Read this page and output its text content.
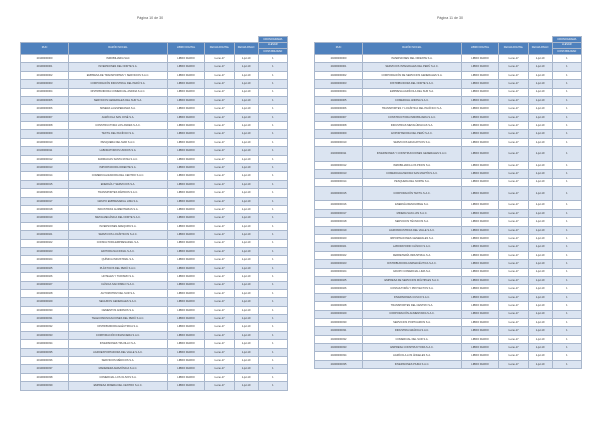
Página 10 de 30
					CRONOGRAMA
RUC	RAZÓN SOCIAL	LIBRO DIGITAL	FECHA DIGITAL	FECHA PAGO	LLEVAR
					CONTABILIDAD
20100000000	INMOBILIARIA SAC	LIBRO DIARIO	1-ene-17	1-jul-19	1
20100000001	INVERSIONES DEL NORTE S.A.	LIBRO DIARIO	1-ene-17	1-jul-19	1
20100000002	EMPRESA DE TRANSPORTES Y SERVICIOS S.A.C.	LIBRO DIARIO	1-ene-17	1-jul-19	1
20100000003	CORPORACIÓN INDUSTRIAL DEL PERÚ S.A.	LIBRO DIARIO	1-ene-17	1-jul-19	1
20100000004	DISTRIBUIDORA COMERCIAL ANDINA S.A.C.	LIBRO DIARIO	1-ene-17	1-jul-19	1
20100000005	SERVICIOS GENERALES DEL SUR S.A.	LIBRO DIARIO	1-ene-17	1-jul-19	1
20100000006	MINERA LA ESPERANZA S.A.	LIBRO DIARIO	1-ene-17	1-jul-19	1
20100000007	AGRÍCOLA SAN JOSÉ S.A.	LIBRO DIARIO	1-ene-17	1-jul-19	1
20100000008	CONSTRUCTORA LOS ANDES S.A.C.	LIBRO DIARIO	1-ene-17	1-jul-19	1
20100000009	TEXTIL DEL PACÍFICO S.A.	LIBRO DIARIO	1-ene-17	1-jul-19	1
20100000010	PESQUERA DEL MAR S.A.C.	LIBRO DIARIO	1-ene-17	1-jul-19	1
20100000011	LABORATORIOS UNIDOS S.A.	LIBRO DIARIO	1-ene-17	1-jul-19	1
20100000012	FARMACIAS SANTA ROSA S.A.C.	LIBRO DIARIO	1-ene-17	1-jul-19	1
20100000013	IMPORTADORA ORIENTE S.A.	LIBRO DIARIO	1-ene-17	1-jul-19	1
20100000014	COMERCIALIZADORA DEL CENTRO S.A.C.	LIBRO DIARIO	1-ene-17	1-jul-19	1
20100000015	ENERGÍA Y SERVICIOS S.A.	LIBRO DIARIO	1-ene-17	1-jul-19	1
20100000016	TRANSPORTES RÁPIDOS S.A.C.	LIBRO DIARIO	1-ene-17	1-jul-19	1
20100000017	GRUPO EMPRESARIAL LIMA S.A.	LIBRO DIARIO	1-ene-17	1-jul-19	1
20100000018	INDUSTRIAS ALIMENTARIAS S.A.	LIBRO DIARIO	1-ene-17	1-jul-19	1
20100000019	METALMECÁNICA DEL NORTE S.A.C.	LIBRO DIARIO	1-ene-17	1-jul-19	1
20100000020	INVERSIONES AREQUIPA S.A.	LIBRO DIARIO	1-ene-17	1-jul-19	1
20100000021	SERVICIOS LOGÍSTICOS S.A.C.	LIBRO DIARIO	1-ene-17	1-jul-19	1
20100000022	CONSULTORA EMPRESARIAL S.A.	LIBRO DIARIO	1-ene-17	1-jul-19	1
20100000023	EDITORA NACIONAL S.A.C.	LIBRO DIARIO	1-ene-17	1-jul-19	1
20100000024	QUÍMICA INDUSTRIAL S.A.	LIBRO DIARIO	1-ene-17	1-jul-19	1
20100000025	PLÁSTICOS DEL PERÚ S.A.C.	LIBRO DIARIO	1-ene-17	1-jul-19	1
20100000026	HOTELES Y TURISMO S.A.	LIBRO DIARIO	1-ene-17	1-jul-19	1
20100000027	CLÍNICA SAN PABLO S.A.C.	LIBRO DIARIO	1-ene-17	1-jul-19	1
20100000028	AUTOMOTRIZ DEL SUR S.A.	LIBRO DIARIO	1-ene-17	1-jul-19	1
20100000029	SEGUROS GENERALES S.A.C.	LIBRO DIARIO	1-ene-17	1-jul-19	1
20100000030	CEMENTOS ANDINOS S.A.	LIBRO DIARIO	1-ene-17	1-jul-19	1
20100000031	TELECOMUNICACIONES DEL PERÚ S.A.C.	LIBRO DIARIO	1-ene-17	1-jul-19	1
20100000032	DISTRIBUIDORA ELÉCTRICA S.A.	LIBRO DIARIO	1-ene-17	1-jul-19	1
20100000033	CORPORACIÓN FINANCIERA S.A.C.	LIBRO DIARIO	1-ene-17	1-jul-19	1
20100000034	INVERSIONES TRUJILLO S.A.	LIBRO DIARIO	1-ene-17	1-jul-19	1
20100000035	AGROEXPORTADORA DEL VALLE S.A.C.	LIBRO DIARIO	1-ene-17	1-jul-19	1
20100000036	SERVICIOS MÉDICOS S.A.	LIBRO DIARIO	1-ene-17	1-jul-19	1
20100000037	MADERERA AMAZÓNICA S.A.C.	LIBRO DIARIO	1-ene-17	1-jul-19	1
20100000038	COMERCIAL LOS OLIVOS S.A.	LIBRO DIARIO	1-ene-17	1-jul-19	1
20100000039	EMPRESA MINERA DEL CENTRO S.A.C.	LIBRO DIARIO	1-ene-17	1-jul-19	1
Página 11 de 30
					CRONOGRAMA
RUC	RAZÓN SOCIAL	LIBRO DIGITAL	FECHA DIGITAL	FECHA PAGO	LLEVAR
					CONTABILIDAD
20200000000	INVERSIONES DEL ORIENTE S.A.	LIBRO DIARIO	1-ene-17	1-jul-19	1
20200000001	SERVICIOS INTEGRALES DEL PERÚ S.A.C.	LIBRO DIARIO	1-ene-17	1-jul-19	1
20200000002	CORPORACIÓN DE SERVICIOS GENERALES S.A.	LIBRO DIARIO	1-ene-17	1-jul-19	1
20200000003	DISTRIBUIDORA DEL NORTE S.A.C.	LIBRO DIARIO	1-ene-17	1-jul-19	1
20200000004	EMPRESA AGRÍCOLA DEL SUR S.A.	LIBRO DIARIO	1-ene-17	1-jul-19	1
20200000005	COMERCIAL ANDINA S.A.C.	LIBRO DIARIO	1-ene-17	1-jul-19	1
20200000006	TRANSPORTES Y LOGÍSTICA DEL PACÍFICO S.A.	LIBRO DIARIO	1-ene-17	1-jul-19	1
20200000007	CONSTRUCTORA INMOBILIARIA S.A.C.	LIBRO DIARIO	1-ene-17	1-jul-19	1
20200000008	INDUSTRIAS METALÚRGICAS S.A.	LIBRO DIARIO	1-ene-17	1-jul-19	1
20200000009	EXPORTADORA DEL PERÚ S.A.C.	LIBRO DIARIO	1-ene-17	1-jul-19	1
20200000010	SERVICIOS EDUCATIVOS S.A.	LIBRO DIARIO	1-ene-17	1-jul-19	1
20200000011	INVERSIONES Y CONSTRUCCIONES GENERALES S.A.C.	LIBRO DIARIO	1-ene-17	1-jul-19	1
20200000012	INMOBILIARIA LOS PINOS S.A.	LIBRO DIARIO	1-ene-17	1-jul-19	1
20200000013	COMERCIALIZADORA SAN MARTÍN S.A.C.	LIBRO DIARIO	1-ene-17	1-jul-19	1
20200000014	PESQUERA DEL NORTE S.A.	LIBRO DIARIO	1-ene-17	1-jul-19	1
20200000015	CORPORACIÓN TEXTIL S.A.C.	LIBRO DIARIO	1-ene-17	1-jul-19	1
20200000016	ENERGÍA RENOVABLE S.A.	LIBRO DIARIO	1-ene-17	1-jul-19	1
20200000017	MINERA SAN LUIS S.A.C.	LIBRO DIARIO	1-ene-17	1-jul-19	1
20200000018	SERVICIOS TÉCNICOS S.A.	LIBRO DIARIO	1-ene-17	1-jul-19	1
20200000019	AGROINDUSTRIAS DEL VALLE S.A.C.	LIBRO DIARIO	1-ene-17	1-jul-19	1
20200000020	IMPORTACIONES GENERALES S.A.	LIBRO DIARIO	1-ene-17	1-jul-19	1
20200000021	LABORATORIO CLÍNICO S.A.C.	LIBRO DIARIO	1-ene-17	1-jul-19	1
20200000022	FERRETERÍA INDUSTRIAL S.A.	LIBRO DIARIO	1-ene-17	1-jul-19	1
20200000023	DISTRIBUIDORA FARMACÉUTICA S.A.C.	LIBRO DIARIO	1-ene-17	1-jul-19	1
20200000024	GRUPO COMERCIAL LIMA S.A.	LIBRO DIARIO	1-ene-17	1-jul-19	1
20200000025	EMPRESA DE SERVICIOS MÚLTIPLES S.A.C.	LIBRO DIARIO	1-ene-17	1-jul-19	1
20200000026	CONSULTORÍA Y PROYECTOS S.A.	LIBRO DIARIO	1-ene-17	1-jul-19	1
20200000027	INVERSIONES CUSCO S.A.C.	LIBRO DIARIO	1-ene-17	1-jul-19	1
20200000028	TRANSPORTES DEL CENTRO S.A.	LIBRO DIARIO	1-ene-17	1-jul-19	1
20200000029	CORPORACIÓN ALIMENTARIA S.A.C.	LIBRO DIARIO	1-ene-17	1-jul-19	1
20200000030	SERVICIOS PORTUARIOS S.A.	LIBRO DIARIO	1-ene-17	1-jul-19	1
20200000031	INDUSTRIA GRÁFICA S.A.C.	LIBRO DIARIO	1-ene-17	1-jul-19	1
20200000032	COMERCIAL DEL SUR S.A.	LIBRO DIARIO	1-ene-17	1-jul-19	1
20200000033	EMPRESA CONSTRUCTORA S.A.C.	LIBRO DIARIO	1-ene-17	1-jul-19	1
20200000034	AGRÍCOLA LOS ÁNGELES S.A.	LIBRO DIARIO	1-ene-17	1-jul-19	1
20200000035	INVERSIONES PIURA S.A.C.	LIBRO DIARIO	1-ene-17	1-jul-19	1
